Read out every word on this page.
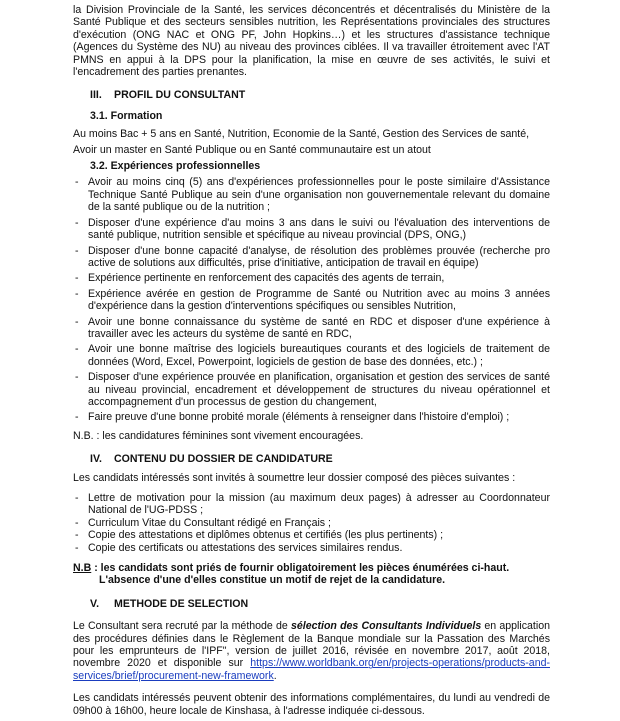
la Division Provinciale de la Santé, les services déconcentrés et décentralisés du Ministère de la Santé Publique et des secteurs sensibles nutrition, les Représentations provinciales des structures d'exécution (ONG NAC et ONG PF, John Hopkins…) et les structures d'assistance technique (Agences du Système des NU) au niveau des provinces ciblées. Il va travailler étroitement avec l'AT PMNS en appui à la DPS pour la planification, la mise en œuvre de ses activités, le suivi et l'encadrement des parties prenantes.

III. PROFIL DU CONSULTANT
3.1. Formation

Au moins Bac + 5 ans en Santé, Nutrition, Economie de la Santé, Gestion des Services de santé,

Avoir un master en Santé Publique ou en Santé communautaire est un atout

3.2. Expériences professionnelles
- Avoir au moins cinq (5) ans d'expériences professionnelles pour le poste similaire d'Assistance Technique Santé Publique au sein d'une organisation non gouvernementale relevant du domaine de la santé publique ou de la nutrition ;
- Disposer d'une expérience d'au moins 3 ans dans le suivi ou l'évaluation des interventions de santé publique, nutrition sensible et spécifique au niveau provincial (DPS, ONG,)
- Disposer d'une bonne capacité d'analyse, de résolution des problèmes prouvée (recherche pro active de solutions aux difficultés, prise d'initiative, anticipation de travail en équipe)
- Expérience pertinente en renforcement des capacités des agents de terrain,
- Expérience avérée en gestion de Programme de Santé ou Nutrition avec au moins 3 années d'expérience dans la gestion d'interventions spécifiques ou sensibles Nutrition,
- Avoir une bonne connaissance du système de santé en RDC et disposer d'une expérience à travailler avec les acteurs du système de santé en RDC,
- Avoir une bonne maîtrise des logiciels bureautiques courants et des logiciels de traitement de données (Word, Excel, Powerpoint, logiciels de gestion de base des données, etc.) ;
- Disposer d'une expérience prouvée en planification, organisation et gestion des services de santé au niveau provincial, encadrement et développement de structures du niveau opérationnel et accompagnement d'un processus de gestion du changement,
- Faire preuve d'une bonne probité morale (éléments à renseigner dans l'histoire d'emploi) ;

N.B. : les candidatures féminines sont vivement encouragées.

IV. CONTENU DU DOSSIER DE CANDIDATURE

Les candidats intéressés sont invités à soumettre leur dossier composé des pièces suivantes :

- Lettre de motivation pour la mission (au maximum deux pages) à adresser au Coordonnateur National de l'UG-PDSS ;
- Curriculum Vitae du Consultant rédigé en Français ;
- Copie des attestations et diplômes obtenus et certifiés (les plus pertinents) ;
- Copie des certificats ou attestations des services similaires rendus.
N.B : les candidats sont priés de fournir obligatoirement les pièces énumérées ci-haut.
L'absence d'une d'elles constitue un motif de rejet de la candidature.
V. METHODE DE SELECTION

Le Consultant sera recruté par la méthode de sélection des Consultants Individuels en application des procédures définies dans le Règlement de la Banque mondiale sur la Passation des Marchés pour les emprunteurs de l'IPF", version de juillet 2016, révisée en novembre 2017, août 2018, novembre 2020 et disponible sur https://www.worldbank.org/en/projects-operations/products-and-services/brief/procurement-new-framework.

Les candidats intéressés peuvent obtenir des informations complémentaires, du lundi au vendredi de 09h00 à 16h00, heure locale de Kinshasa, à l'adresse indiquée ci-dessous.
